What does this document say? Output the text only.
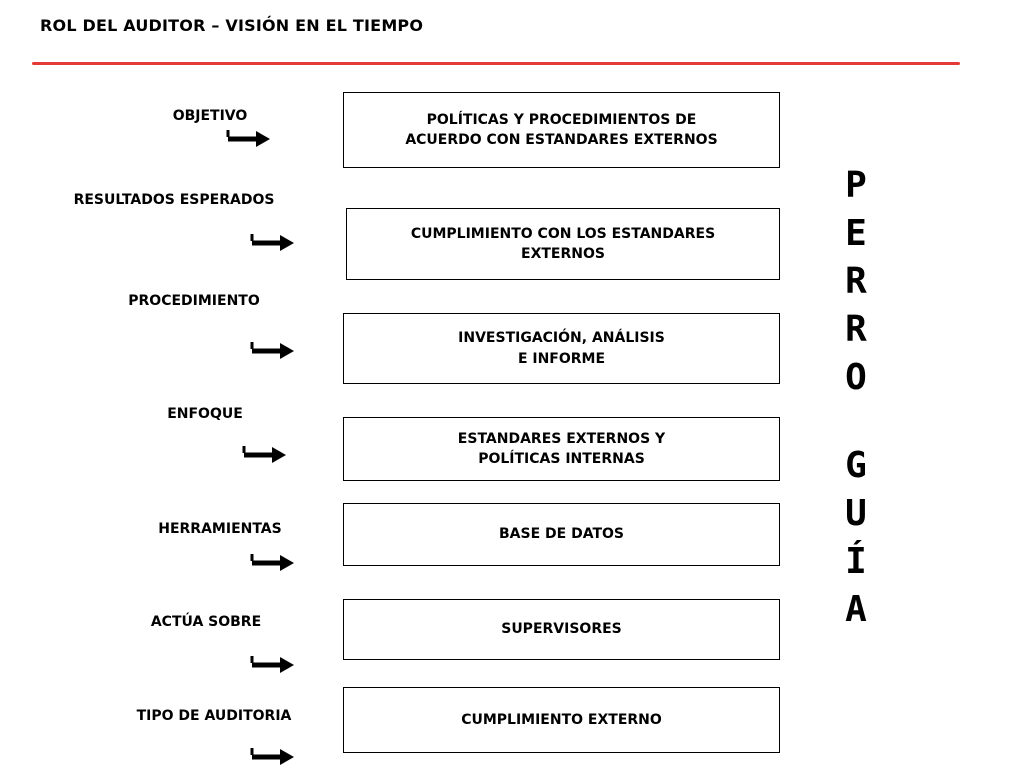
ROL DEL AUDITOR – VISIÓN EN EL TIEMPO
OBJETIVO	POLÍTICAS Y PROCEDIMIENTOS DE
ACUERDO CON ESTANDARES EXTERNOS
RESULTADOS ESPERADOS
CUMPLIMIENTO CON LOS ESTANDARES
EXTERNOS
PROCEDIMIENTO
INVESTIGACIÓN, ANÁLISIS
E INFORME
ENFOQUE
ESTANDARES EXTERNOS Y
POLÍTICAS INTERNAS
HERRAMIENTAS	BASE DE DATOS
ACTÚA SOBRE	SUPERVISORES
TIPO DE AUDITORIA	CUMPLIMIENTO EXTERNO
P
E
R
R
O
G
U
Í
A
